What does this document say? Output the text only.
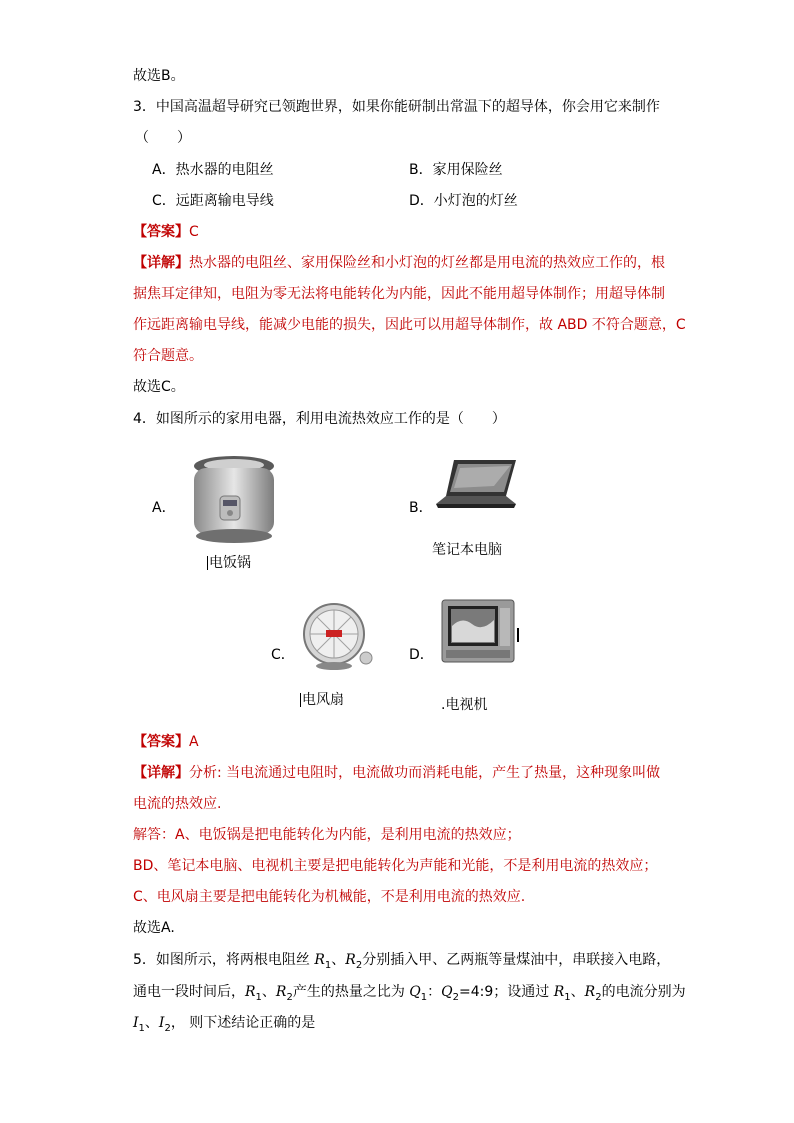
故选B。
3．中国高温超导研究已领跑世界，如果你能研制出常温下的超导体，你会用它来制作
（　　）
A．热水器的电阻丝	B．家用保险丝
C．远距离输电导线	D．小灯泡的灯丝
【答案】C
【详解】热水器的电阻丝、家用保险丝和小灯泡的灯丝都是用电流的热效应工作的，根
据焦耳定律知，电阻为零无法将电能转化为内能，因此不能用超导体制作；用超导体制
作远距离输电导线，能减少电能的损失，因此可以用超导体制作，故 ABD 不符合题意，C
符合题意。
故选C。
4．如图所示的家用电器，利用电流热效应工作的是（　　）
A．
电饭锅
B．
笔记本电脑
C．
电风扇
D．
.电视机
【答案】A
【详解】分析: 当电流通过电阻时，电流做功而消耗电能，产生了热量，这种现象叫做
电流的热效应.
解答：A、电饭锅是把电能转化为内能，是利用电流的热效应；
BD、笔记本电脑、电视机主要是把电能转化为声能和光能，不是利用电流的热效应；
C、电风扇主要是把电能转化为机械能，不是利用电流的热效应.
故选A.
5．如图所示，将两根电阻丝 $R_1$、$R_2$分别插入甲、乙两瓶等量煤油中，串联接入电路，
通电一段时间后，$R_1$、$R_2$产生的热量之比为 $Q_1$：$Q_2=4:9$；设通过 $R_1$、$R_2$的电流分别为
$I_1$、$I_2$， 则下述结论正确的是
